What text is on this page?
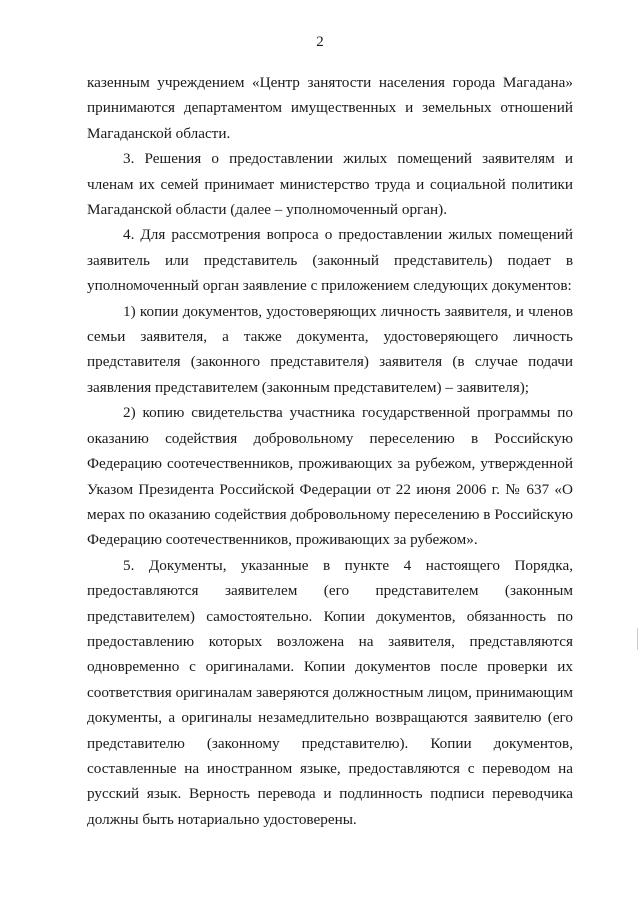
2

казенным учреждением «Центр занятости населения города Магадана» принимаются департаментом имущественных и земельных отношений Магаданской области.

3. Решения о предоставлении жилых помещений заявителям и членам их семей принимает министерство труда и социальной политики Магаданской области (далее – уполномоченный орган).

4. Для рассмотрения вопроса о предоставлении жилых помещений заявитель или представитель (законный представитель) подает в уполномоченный орган заявление с приложением следующих документов:

1) копии документов, удостоверяющих личность заявителя, и членов семьи заявителя, а также документа, удостоверяющего личность представителя (законного представителя) заявителя (в случае подачи заявления представителем (законным представителем) – заявителя);

2) копию свидетельства участника государственной программы по оказанию содействия добровольному переселению в Российскую Федерацию соотечественников, проживающих за рубежом, утвержденной Указом Президента Российской Федерации от 22 июня 2006 г. № 637 «О мерах по оказанию содействия добровольному переселению в Российскую Федерацию соотечественников, проживающих за рубежом».

5. Документы, указанные в пункте 4 настоящего Порядка, предоставляются заявителем (его представителем (законным представителем) самостоятельно. Копии документов, обязанность по предоставлению которых возложена на заявителя, представляются одновременно с оригиналами. Копии документов после проверки их соответствия оригиналам заверяются должностным лицом, принимающим документы, а оригиналы незамедлительно возвращаются заявителю (его представителю (законному представителю). Копии документов, составленные на иностранном языке, предоставляются с переводом на русский язык. Верность перевода и подлинность подписи переводчика должны быть нотариально удостоверены.
